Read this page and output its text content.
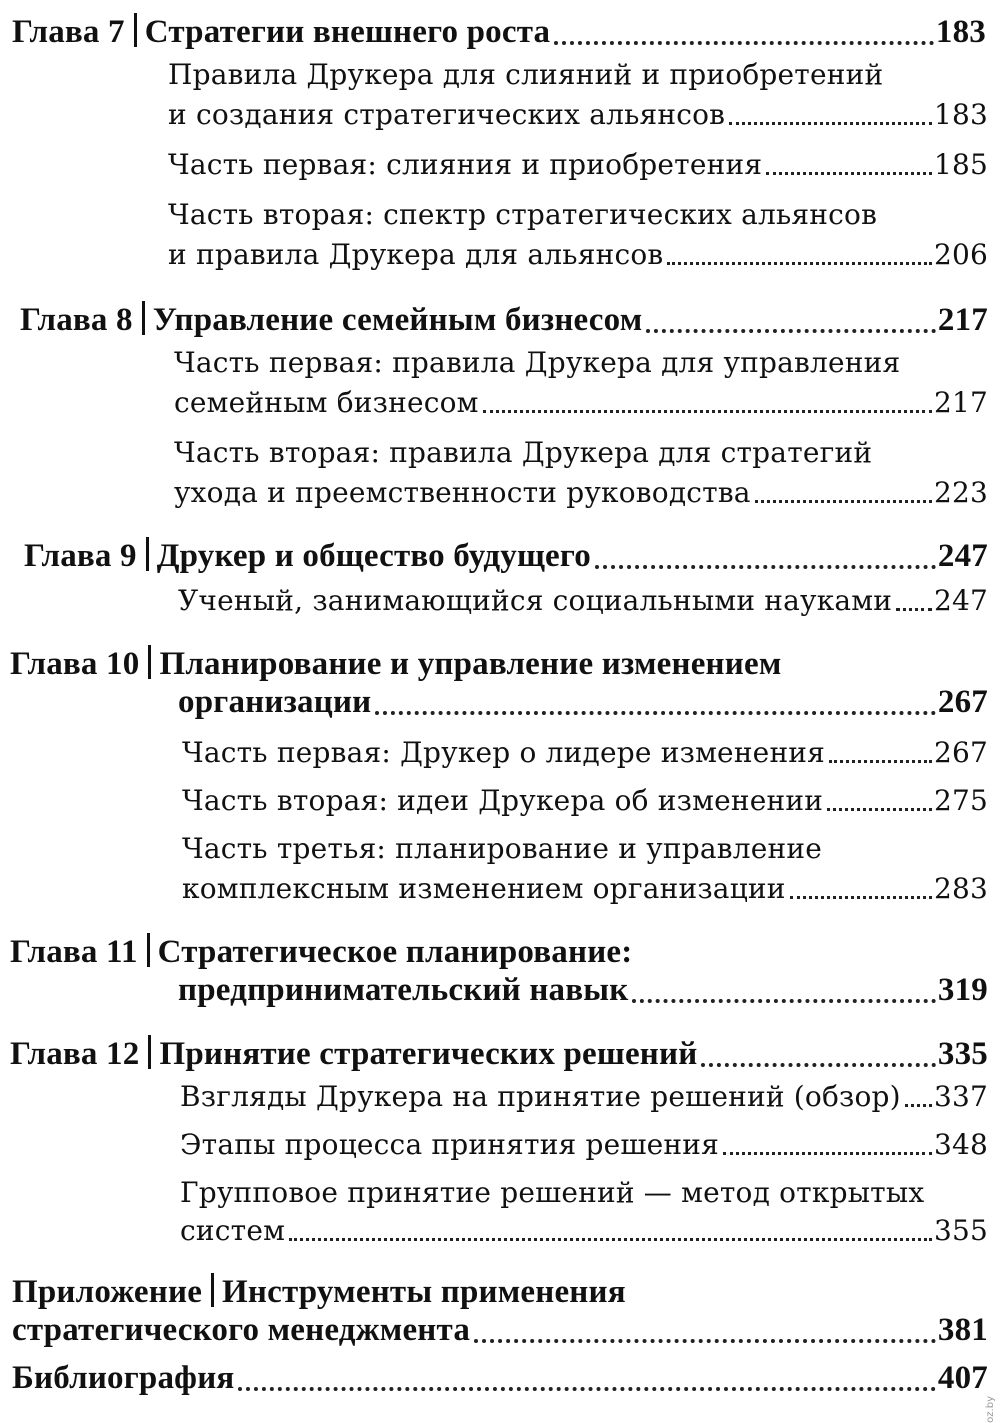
Глава 7 Стратегии внешнего роста	183
Правила Друкера для слияний и приобретений
и создания стратегических альянсов	183
Часть первая: слияния и приобретения	185
Часть вторая: спектр стратегических альянсов
и правила Друкера для альянсов	206
Глава 8 Управление семейным бизнесом	217
Часть первая: правила Друкера для управления
семейным бизнесом	217
Часть вторая: правила Друкера для стратегий
ухода и преемственности руководства	223
Глава 9 Друкер и общество будущего	247
Ученый, занимающийся социальными науками 247
Глава 10 Планирование и управление изменением
организации	267
Часть первая: Друкер о лидере изменения	267
Часть вторая: идеи Друкера об изменении	275
Часть третья: планирование и управление
комплексным изменением организации	283
Глава 11 Стратегическое планирование:
предпринимательский навык	319
Глава 12 Принятие стратегических решений	335
Взгляды Друкера на принятие решений (обзор) 337
Этапы процесса принятия решения	348
Групповое принятие решений — метод открытых
систем	355
Приложение Инструменты применения
стратегического менеджмента	381
Библиография	407
oz.by
